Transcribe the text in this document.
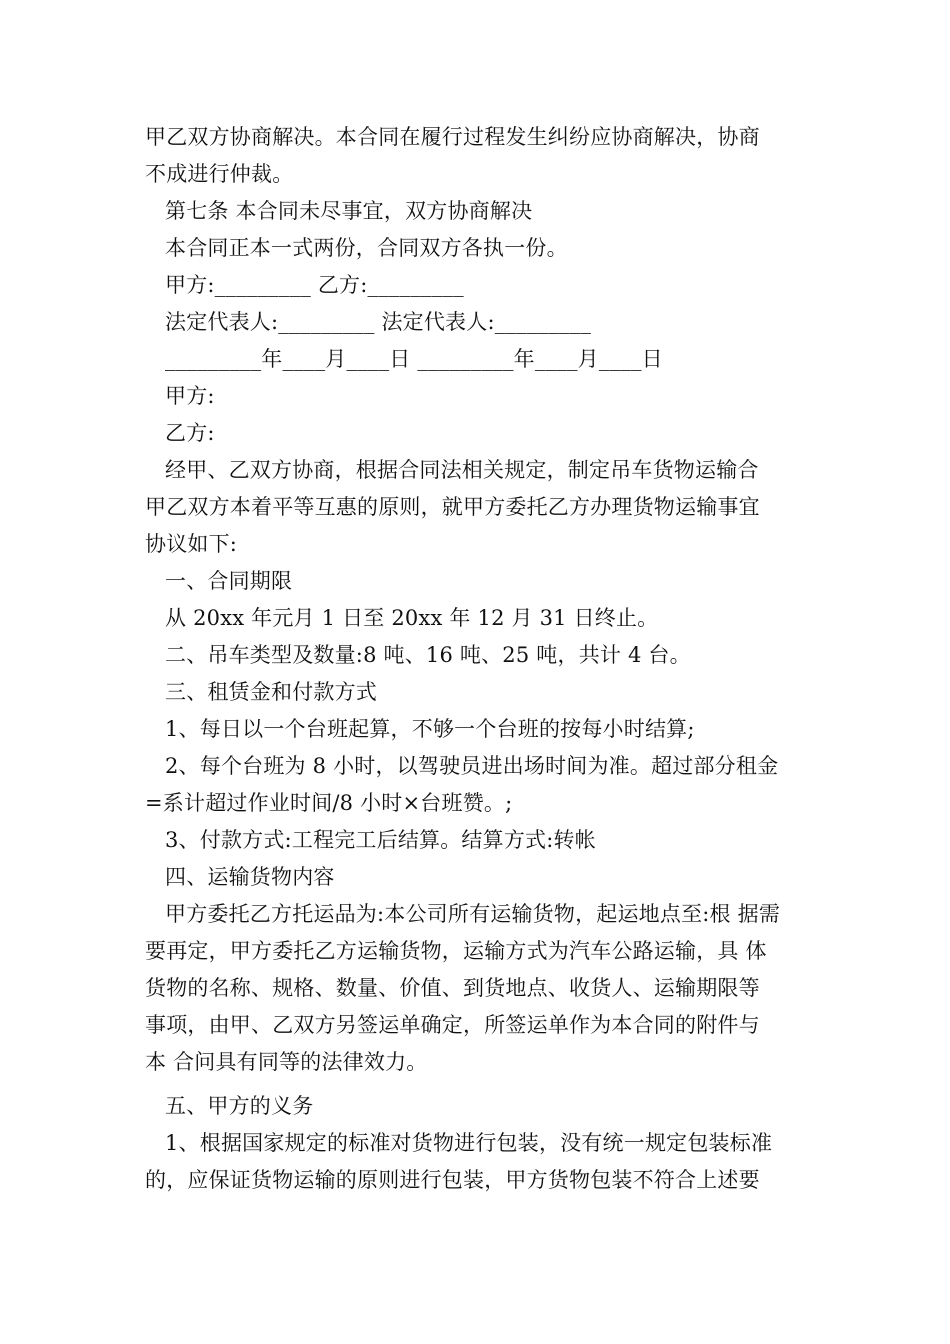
甲乙双方协商解决。本合同在履行过程发生纠纷应协商解决，协商
不成进行仲裁。
第七条 本合同未尽事宜，双方协商解决
本合同正本一式两份，合同双方各执一份。
甲方:_________ 乙方:_________
法定代表人:_________ 法定代表人:_________
_________年____月____日 _________年____月____日
甲方:
乙方:
经甲、乙双方协商，根据合同法相关规定，制定吊车货物运输合
甲乙双方本着平等互惠的原则，就甲方委托乙方办理货物运输事宜
协议如下:
一、合同期限
从 20xx 年元月 1 日至 20xx 年 12 月 31 日终止。
二、吊车类型及数量:8 吨、16 吨、25 吨，共计 4 台。
三、租赁金和付款方式
1、每日以一个台班起算，不够一个台班的按每小时结算;
2、每个台班为 8 小时，以驾驶员进出场时间为准。超过部分租金
=系计超过作业时间/8 小时×台班赞。;
3、付款方式:工程完工后结算。结算方式:转帐
四、运输货物内容
甲方委托乙方托运品为:本公司所有运输货物，起运地点至:根 据需
要再定，甲方委托乙方运输货物，运输方式为汽车公路运输，具 体
货物的名称、规格、数量、价值、到货地点、收货人、运输期限等
事项，由甲、乙双方另签运单确定，所签运单作为本合同的附件与
本 合问具有同等的法律效力。
五、甲方的义务
1、根据国家规定的标准对货物进行包装，没有统一规定包装标准
的，应保证货物运输的原则进行包装，甲方货物包装不符合上述要
